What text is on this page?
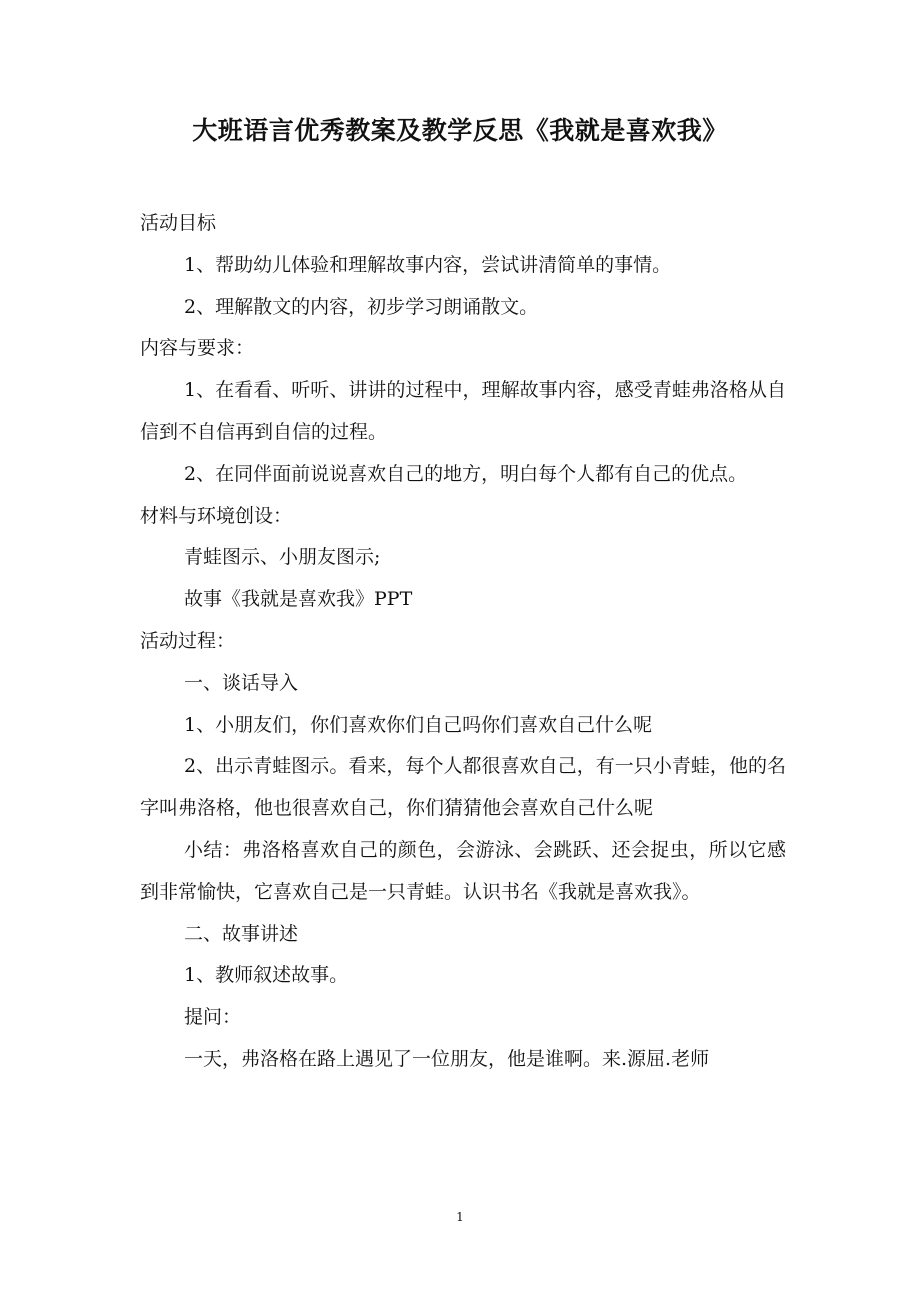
大班语言优秀教案及教学反思《我就是喜欢我》

活动目标

1、帮助幼儿体验和理解故事内容，尝试讲清简单的事情。

2、理解散文的内容，初步学习朗诵散文。

内容与要求：

1、在看看、听听、讲讲的过程中，理解故事内容，感受青蛙弗洛格从自信到不自信再到自信的过程。

2、在同伴面前说说喜欢自己的地方，明白每个人都有自己的优点。

材料与环境创设：

青蛙图示、小朋友图示;

故事《我就是喜欢我》PPT

活动过程：

一、谈话导入

1、小朋友们，你们喜欢你们自己吗你们喜欢自己什么呢

2、出示青蛙图示。看来，每个人都很喜欢自己，有一只小青蛙，他的名字叫弗洛格，他也很喜欢自己，你们猜猜他会喜欢自己什么呢

小结：弗洛格喜欢自己的颜色，会游泳、会跳跃、还会捉虫，所以它感到非常愉快，它喜欢自己是一只青蛙。认识书名《我就是喜欢我》。

二、故事讲述

1、教师叙述故事。

提问：

一天，弗洛格在路上遇见了一位朋友，他是谁啊。来.源屈.老师

1
